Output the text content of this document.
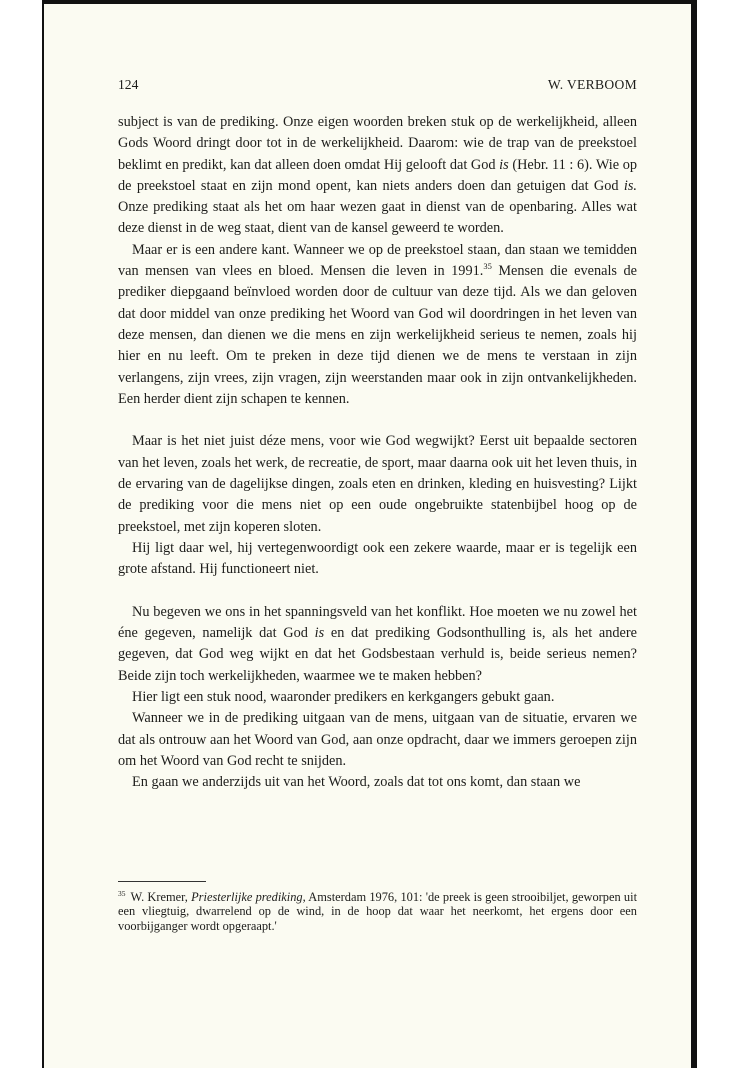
124	W. VERBOOM

subject is van de prediking. Onze eigen woorden breken stuk op de werkelijkheid, alleen Gods Woord dringt door tot in de werkelijkheid. Daarom: wie de trap van de preekstoel beklimt en predikt, kan dat alleen doen omdat Hij gelooft dat God is (Hebr. 11 : 6). Wie op de preekstoel staat en zijn mond opent, kan niets anders doen dan getuigen dat God is. Onze prediking staat als het om haar wezen gaat in dienst van de openbaring. Alles wat deze dienst in de weg staat, dient van de kansel geweerd te worden.

Maar er is een andere kant. Wanneer we op de preekstoel staan, dan staan we temidden van mensen van vlees en bloed. Mensen die leven in 1991.35 Mensen die evenals de prediker diepgaand beïnvloed worden door de cultuur van deze tijd. Als we dan geloven dat door middel van onze prediking het Woord van God wil doordringen in het leven van deze mensen, dan dienen we die mens en zijn werkelijkheid serieus te nemen, zoals hij hier en nu leeft. Om te preken in deze tijd dienen we de mens te verstaan in zijn verlangens, zijn vrees, zijn vragen, zijn weerstanden maar ook in zijn ontvankelijkheden. Een herder dient zijn schapen te kennen.

Maar is het niet juist déze mens, voor wie God wegwijkt? Eerst uit bepaalde sectoren van het leven, zoals het werk, de recreatie, de sport, maar daarna ook uit het leven thuis, in de ervaring van de dagelijkse dingen, zoals eten en drinken, kleding en huisvesting? Lijkt de prediking voor die mens niet op een oude ongebruikte statenbijbel hoog op de preekstoel, met zijn koperen sloten.

Hij ligt daar wel, hij vertegenwoordigt ook een zekere waarde, maar er is tegelijk een grote afstand. Hij functioneert niet.

Nu begeven we ons in het spanningsveld van het konflikt. Hoe moeten we nu zowel het éne gegeven, namelijk dat God is en dat prediking Godsonthulling is, als het andere gegeven, dat God weg wijkt en dat het Godsbestaan verhuld is, beide serieus nemen? Beide zijn toch werkelijkheden, waarmee we te maken hebben?

Hier ligt een stuk nood, waaronder predikers en kerkgangers gebukt gaan.

Wanneer we in de prediking uitgaan van de mens, uitgaan van de situatie, ervaren we dat als ontrouw aan het Woord van God, aan onze opdracht, daar we immers geroepen zijn om het Woord van God recht te snijden.

En gaan we anderzijds uit van het Woord, zoals dat tot ons komt, dan staan we

$^{35}$ W. Kremer, Priesterlijke prediking, Amsterdam 1976, 101: 'de preek is geen strooibiljet, geworpen uit een vliegtuig, dwarrelend op de wind, in de hoop dat waar het neerkomt, het ergens door een voorbijganger wordt opgeraapt.'
